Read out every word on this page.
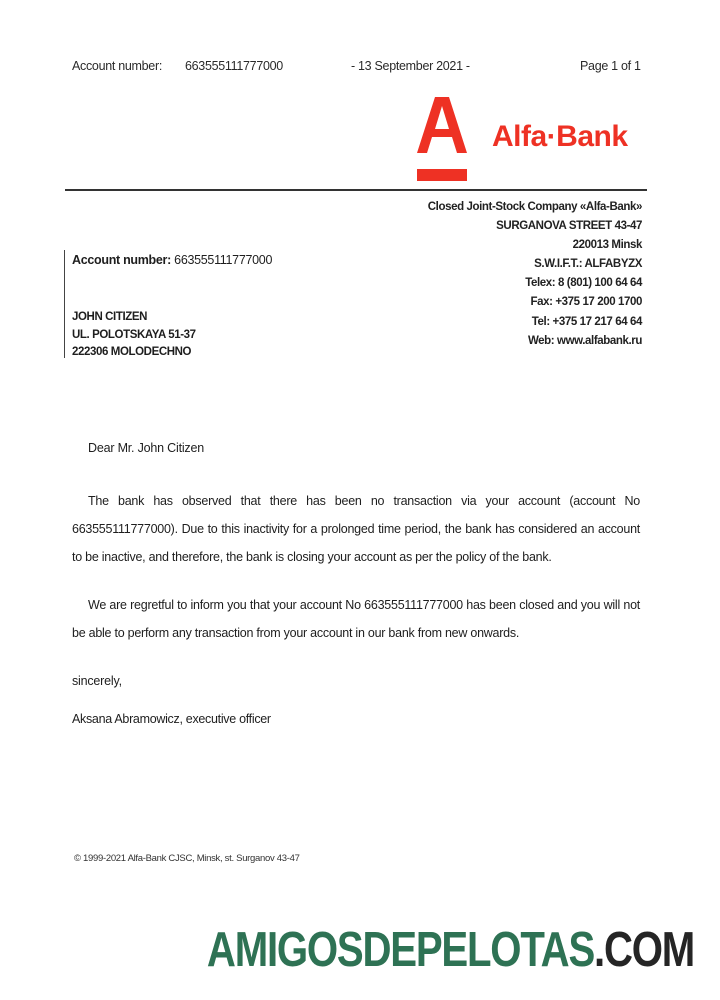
Account number: 663555111777000	- 13 September 2021 -	Page 1 of 1
Alfa·Bank
Closed Joint-Stock Company «Alfa-Bank»
SURGANOVA STREET 43-47
220013 Minsk
S.W.I.F.T.: ALFABYZX
Telex: 8 (801) 100 64 64
Fax: +375 17 200 1700
Tel: +375 17 217 64 64
Web: www.alfabank.ru
Account number: 663555111777000
JOHN CITIZEN
UL. POLOTSKAYA 51-37
222306 MOLODECHNO
Dear Mr. John Citizen
The bank has observed that there has been no transaction via your account (account No 663555111777000). Due to this inactivity for a prolonged time period, the bank has considered an account to be inactive, and therefore, the bank is closing your account as per the policy of the bank.
We are regretful to inform you that your account No 663555111777000 has been closed and you will not be able to perform any transaction from your account in our bank from new onwards.
sincerely,
Aksana Abramowicz, executive officer
© 1999-2021 Alfa-Bank CJSC, Minsk, st. Surganov 43-47
AMIGOSDEPELOTAS.COM
